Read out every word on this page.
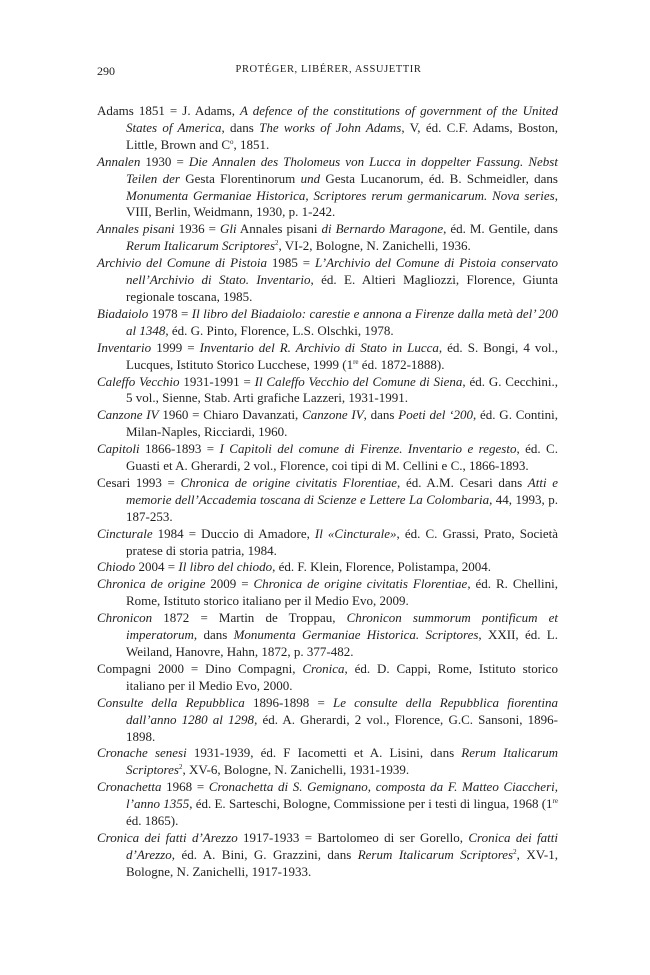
290	PROTÉGER, LIBÉRER, ASSUJETTIR

Adams 1851 = J. Adams, A defence of the constitutions of government of the United States of America, dans The works of John Adams, V, éd. C.F. Adams, Boston, Little, Brown and $C^o$, 1851.

Annalen 1930 = Die Annalen des Tholomeus von Lucca in doppelter Fassung. Nebst Teilen der Gesta Florentinorum und Gesta Lucanorum, éd. B. Schmeidler, dans Monumenta Germaniae Historica, Scriptores rerum germanicarum. Nova series, VIII, Berlin, Weidmann, 1930, p. 1-242.

Annales pisani 1936 = Gli Annales pisani di Bernardo Maragone, éd. M. Gentile, dans Rerum Italicarum Scriptores$^2$, VI-2, Bologne, N. Zanichelli, 1936.

Archivio del Comune di Pistoia 1985 = L’Archivio del Comune di Pistoia conservato nell’Archivio di Stato. Inventario, éd. E. Altieri Magliozzi, Florence, Giunta regionale toscana, 1985.

Biadaiolo 1978 = Il libro del Biadaiolo: carestie e annona a Firenze dalla metà del’ 200 al 1348, éd. G. Pinto, Florence, L.S. Olschki, 1978.

Inventario 1999 = Inventario del R. Archivio di Stato in Lucca, éd. S. Bongi, 4 vol., Lucques, Istituto Storico Lucchese, 1999 (1re éd. 1872-1888).

Caleffo Vecchio 1931-1991 = Il Caleffo Vecchio del Comune di Siena, éd. G. Cecchini., 5 vol., Sienne, Stab. Arti grafiche Lazzeri, 1931-1991.

Canzone IV 1960 = Chiaro Davanzati, Canzone IV, dans Poeti del ‘200, éd. G. Contini, Milan-Naples, Ricciardi, 1960.

Capitoli 1866-1893 = I Capitoli del comune di Firenze. Inventario e regesto, éd. C. Guasti et A. Gherardi, 2 vol., Florence, coi tipi di M. Cellini e C., 1866-1893.

Cesari 1993 = Chronica de origine civitatis Florentiae, éd. A.M. Cesari dans Atti e memorie dell’Accademia toscana di Scienze e Lettere La Colombaria, 44, 1993, p. 187-253.

Cincturale 1984 = Duccio di Amadore, Il «Cincturale», éd. C. Grassi, Prato, Società pratese di storia patria, 1984.

Chiodo 2004 = Il libro del chiodo, éd. F. Klein, Florence, Polistampa, 2004.

Chronica de origine 2009 = Chronica de origine civitatis Florentiae, éd. R. Chellini, Rome, Istituto storico italiano per il Medio Evo, 2009.

Chronicon 1872 = Martin de Troppau, Chronicon summorum pontificum et imperatorum, dans Monumenta Germaniae Historica. Scriptores, XXII, éd. L. Weiland, Hanovre, Hahn, 1872, p. 377-482.

Compagni 2000 = Dino Compagni, Cronica, éd. D. Cappi, Rome, Istituto storico italiano per il Medio Evo, 2000.

Consulte della Repubblica 1896-1898 = Le consulte della Repubblica fiorentina dall’anno 1280 al 1298, éd. A. Gherardi, 2 vol., Florence, G.C. Sansoni, 1896-1898.

Cronache senesi 1931-1939, éd. F Iacometti et A. Lisini, dans Rerum Italicarum Scriptores$^2$, XV-6, Bologne, N. Zanichelli, 1931-1939.

Cronachetta 1968 = Cronachetta di S. Gemignano, composta da F. Matteo Ciaccheri, l’anno 1355, éd. E. Sarteschi, Bologne, Commissione per i testi di lingua, 1968 (1re éd. 1865).

Cronica dei fatti d’Arezzo 1917-1933 = Bartolomeo di ser Gorello, Cronica dei fatti d’Arezzo, éd. A. Bini, G. Grazzini, dans Rerum Italicarum Scriptores$^2$, XV-1, Bologne, N. Zanichelli, 1917-1933.
